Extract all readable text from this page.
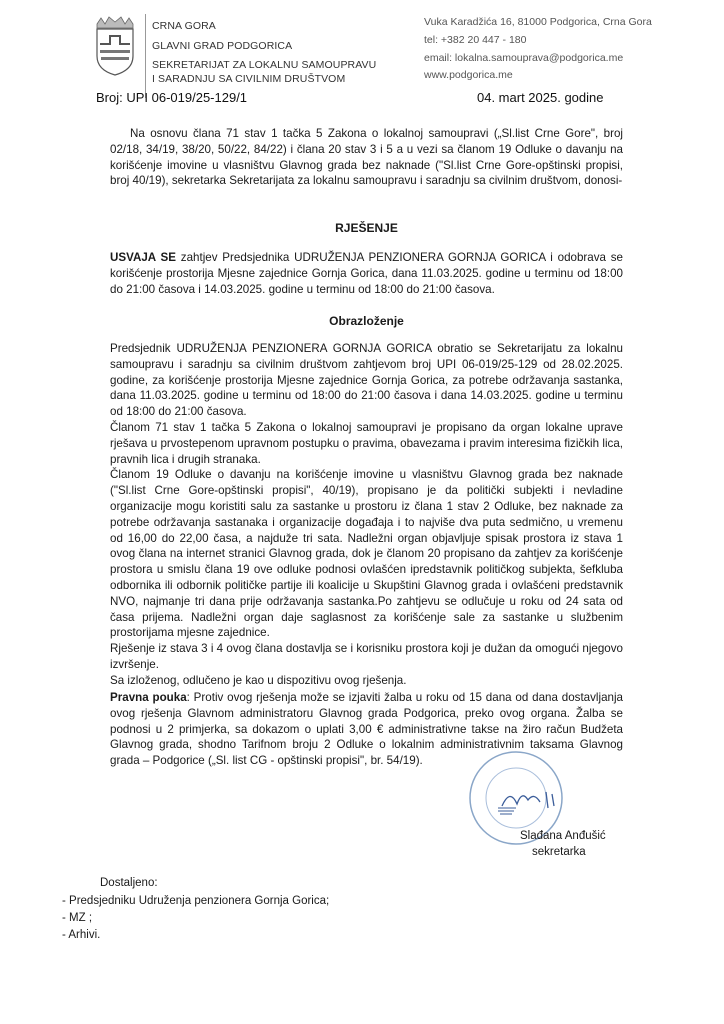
CRNA GORA
GLAVNI GRAD PODGORICA
SEKRETARIJAT ZA LOKALNU SAMOUPRAVU
I SARADNJU SA CIVILNIM DRUŠTVOM
Vuka Karadžića 16, 81000 Podgorica, Crna Gora
tel: +382 20 447 - 180
email: lokalna.samouprava@podgorica.me
www.podgorica.me
Broj: UPI 06-019/25-129/1	04. mart 2025. godine

Na osnovu člana 71 stav 1 tačka 5 Zakona o lokalnoj samoupravi („Sl.list Crne Gore", broj 02/18, 34/19, 38/20, 50/22, 84/22) i člana 20 stav 3 i 5 a u vezi sa članom 19 Odluke o davanju na korišćenje imovine u vlasništvu Glavnog grada bez naknade ("Sl.list Crne Gore-opštinski propisi, broj 40/19), sekretarka Sekretarijata za lokalnu samoupravu i saradnju sa civilnim društvom, donosi-

RJEŠENJE

USVAJA SE zahtjev Predsjednika UDRUŽENJA PENZIONERA GORNJA GORICA i odobrava se korišćenje prostorija Mjesne zajednice Gornja Gorica, dana 11.03.2025. godine u terminu od 18:00 do 21:00 časova i 14.03.2025. godine u terminu od 18:00 do 21:00 časova.

Obrazloženje

Predsjednik UDRUŽENJA PENZIONERA GORNJA GORICA obratio se Sekretarijatu za lokalnu samoupravu i saradnju sa civilnim društvom zahtjevom broj UPI 06-019/25-129 od 28.02.2025. godine, za korišćenje prostorija Mjesne zajednice Gornja Gorica, za potrebe održavanja sastanka, dana 11.03.2025. godine u terminu od 18:00 do 21:00 časova i dana 14.03.2025. godine u terminu od 18:00 do 21:00 časova.

Članom 71 stav 1 tačka 5 Zakona o lokalnoj samoupravi je propisano da organ lokalne uprave rješava u prvostepenom upravnom postupku o pravima, obavezama i pravim interesima fizičkih lica, pravnih lica i drugih stranaka.

Članom 19 Odluke o davanju na korišćenje imovine u vlasništvu Glavnog grada bez naknade ("Sl.list Crne Gore-opštinski propisi", 40/19), propisano je da politički subjekti i nevladine organizacije mogu koristiti salu za sastanke u prostoru iz člana 1 stav 2 Odluke, bez naknade za potrebe održavanja sastanaka i organizacije događaja i to najviše dva puta sedmično, u vremenu od 16,00 do 22,00 časa, a najduže tri sata. Nadležni organ objavljuje spisak prostora iz stava 1 ovog člana na internet stranici Glavnog grada, dok je članom 20 propisano da zahtjev za korišćenje prostora u smislu člana 19 ove odluke podnosi ovlašćen ipredstavnik političkog subjekta, šefkluba odbornika ili odbornik političke partije ili koalicije u Skupštini Glavnog grada i ovlašćeni predstavnik NVO, najmanje tri dana prije održavanja sastanka.Po zahtjevu se odlučuje u roku od 24 sata od časa prijema. Nadležni organ daje saglasnost za korišćenje sale za sastanke u službenim prostorijama mjesne zajednice.

Rješenje iz stava 3 i 4 ovog člana dostavlja se i korisniku prostora koji je dužan da omogući njegovo izvršenje.

Sa izloženog, odlučeno je kao u dispozitivu ovog rješenja.

Pravna pouka: Protiv ovog rješenja može se izjaviti žalba u roku od 15 dana od dana dostavljanja ovog rješenja Glavnom administratoru Glavnog grada Podgorica, preko ovog organa. Žalba se podnosi u 2 primjerka, sa dokazom o uplati 3,00 € administrativne takse na žiro račun Budžeta Glavnog grada, shodno Tarifnom broju 2 Odluke o lokalnim administrativnim taksama Glavnog grada – Podgorice („Sl. list CG - opštinski propisi", br. 54/19).

Slađana Anđušić
sekretarka
Dostaljeno:
- Predsjedniku Udruženja penzionera Gornja Gorica;
- MZ ;
- Arhivi.
